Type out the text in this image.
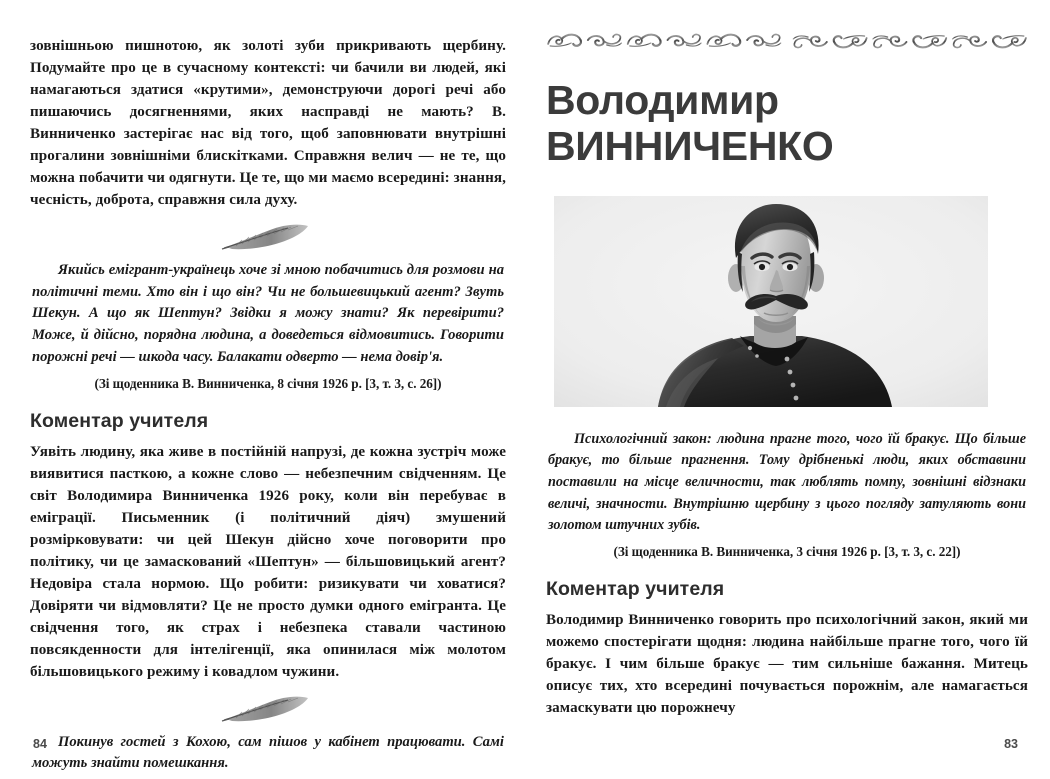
зовнішньою пишнотою, як золоті зуби прикривають щербину. Подумайте про це в сучасному контексті: чи бачили ви людей, які намагаються здатися «крутими», демонструючи дорогі речі або пишаючись досягненнями, яких насправді не мають? В. Винниченко застерігає нас від того, щоб заповнювати внутрішні прогалини зовнішніми блискітками. Справжня велич — не те, що можна побачити чи одягнути. Це те, що ми маємо всередині: знання, чесність, доброта, справжня сила духу.

Якийсь емігрант-українець хоче зі мною побачитись для розмови на політичні теми. Хто він і що він? Чи не большевицький агент? Звуть Шекун. А що як Шептун? Звідки я можу знати? Як перевірити? Може, й дійсно, порядна людина, а доведеться відмовитись. Говорити порожні речі — шкода часу. Балакати одверто — нема довір'я.

(Зі щоденника В. Винниченка, 8 січня 1926 р. [3, т. 3, с. 26])

Коментар учителя

Уявіть людину, яка живе в постійній напрузі, де кожна зустріч може виявитися пасткою, а кожне слово — небезпечним свідченням. Це світ Володимира Винниченка 1926 року, коли він перебуває в еміграції. Письменник (і політичний діяч) змушений розмірковувати: чи цей Шекун дійсно хоче поговорити про політику, чи це замаскований «Шептун» — більшовицький агент? Недовіра стала нормою. Що робити: ризикувати чи ховатися? Довіряти чи відмовляти? Це не просто думки одного емігранта. Це свідчення того, як страх і небезпека ставали частиною повсякденности для інтелігенції, яка опинилася між молотом більшовицького режиму і ковадлом чужини.

Покинув гостей з Кохою, сам пішов у кабінет працювати. Самі можуть знайти помешкання.

84
Володимир
ВИННИЧЕНКО

Психологічний закон: людина прагне того, чого їй бракує. Що більше бракує, то більше прагнення. Тому дрібненькі люди, яких обставини поставили на місце величности, так люблять помпу, зовнішні відзнаки величі, значности. Внутрішню щербину з цього погляду затуляють вони золотом штучних зубів.

(Зі щоденника В. Винниченка, 3 січня 1926 р. [3, т. 3, с. 22])

Коментар учителя

Володимир Винниченко говорить про психологічний закон, який ми можемо спостерігати щодня: людина найбільше прагне того, чого їй бракує. І чим більше бракує — тим сильніше бажання. Митець описує тих, хто всередині почувається порожнім, але намагається замаскувати цю порожнечу

83
